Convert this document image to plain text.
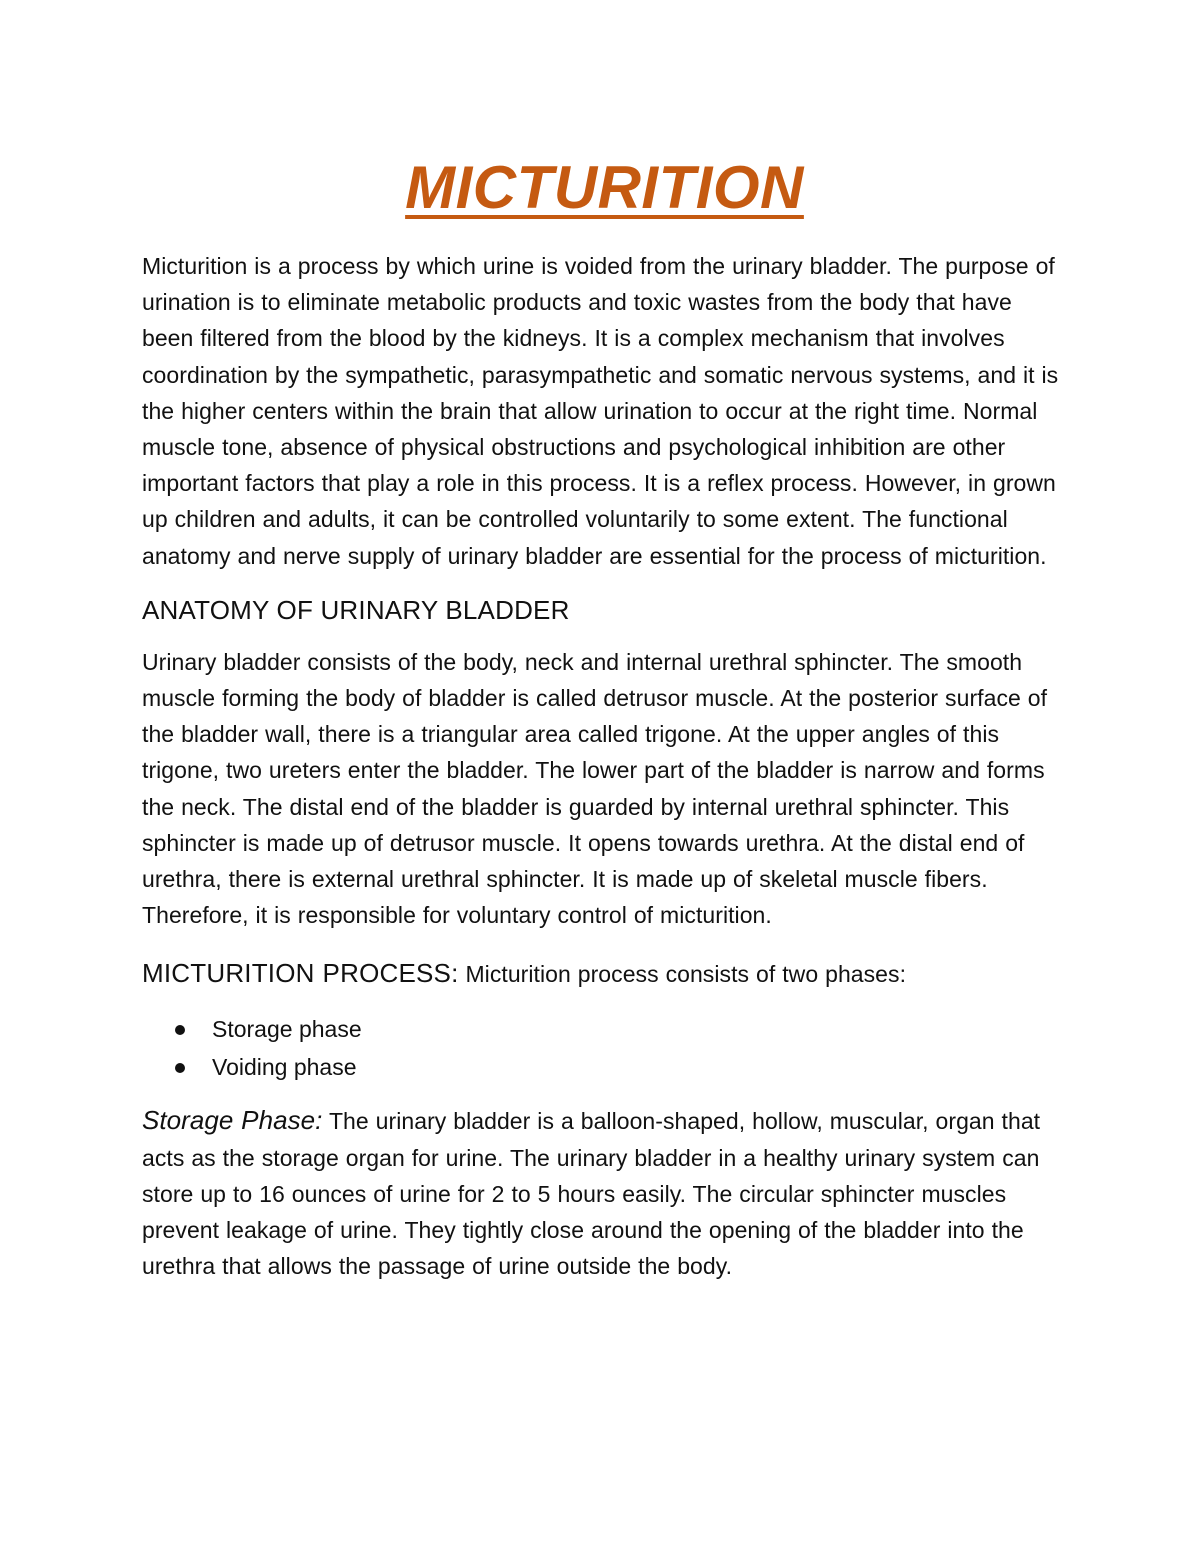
MICTURITION

Micturition is a process by which urine is voided from the urinary bladder. The purpose of urination is to eliminate metabolic products and toxic wastes from the body that have been filtered from the blood by the kidneys. It is a complex mechanism that involves coordination by the sympathetic, parasympathetic and somatic nervous systems, and it is the higher centers within the brain that allow urination to occur at the right time. Normal muscle tone, absence of physical obstructions and psychological inhibition are other important factors that play a role in this process. It is a reflex process. However, in grown up children and adults, it can be controlled voluntarily to some extent. The functional anatomy and nerve supply of urinary bladder are essential for the process of micturition.

ANATOMY OF URINARY BLADDER

Urinary bladder consists of the body, neck and internal urethral sphincter. The smooth muscle forming the body of bladder is called detrusor muscle. At the posterior surface of the bladder wall, there is a triangular area called trigone. At the upper angles of this trigone, two ureters enter the bladder. The lower part of the bladder is narrow and forms the neck. The distal end of the bladder is guarded by internal urethral sphincter. This sphincter is made up of detrusor muscle. It opens towards urethra. At the distal end of urethra, there is external urethral sphincter. It is made up of skeletal muscle fibers. Therefore, it is responsible for voluntary control of micturition.

MICTURITION PROCESS: Micturition process consists of two phases:

Storage phase
Voiding phase

Storage Phase: The urinary bladder is a balloon-shaped, hollow, muscular, organ that acts as the storage organ for urine. The urinary bladder in a healthy urinary system can store up to 16 ounces of urine for 2 to 5 hours easily. The circular sphincter muscles prevent leakage of urine. They tightly close around the opening of the bladder into the urethra that allows the passage of urine outside the body.
